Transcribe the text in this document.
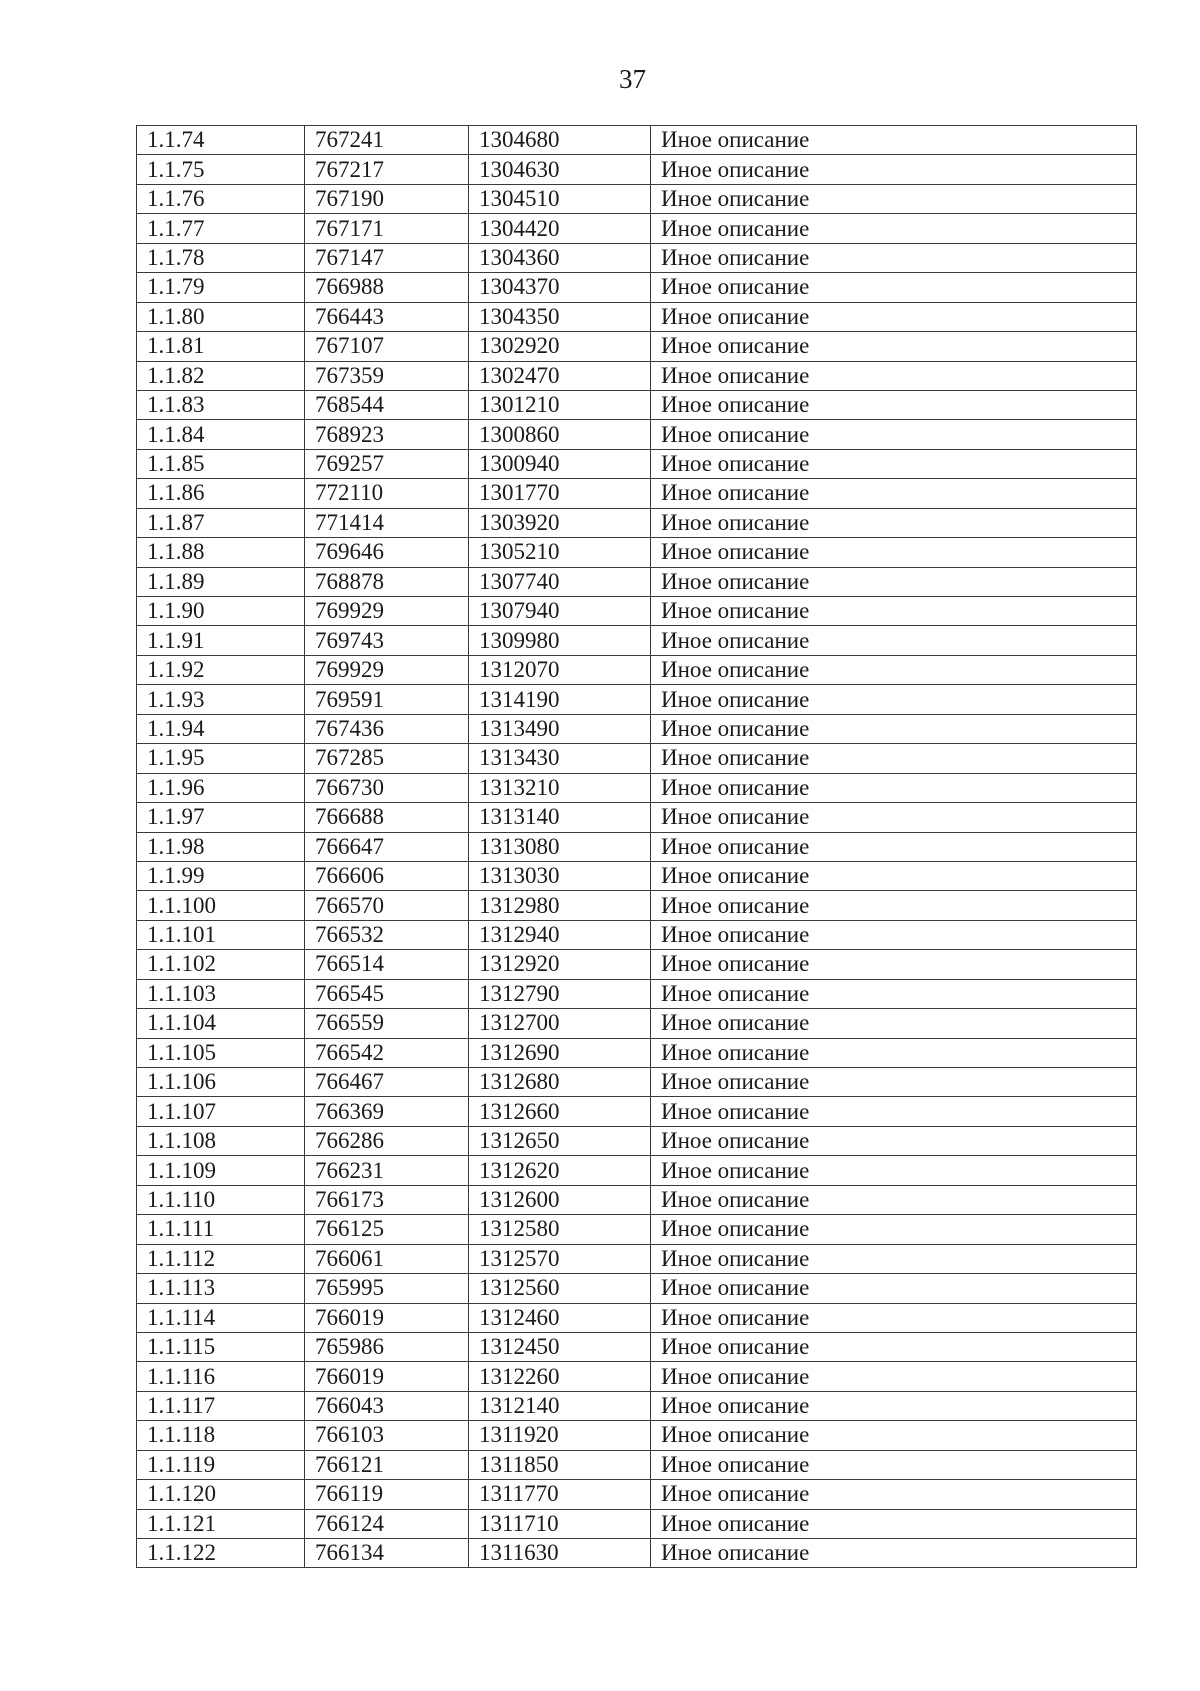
37
1.1.74	767241	1304680	Иное описание
1.1.75	767217	1304630	Иное описание
1.1.76	767190	1304510	Иное описание
1.1.77	767171	1304420	Иное описание
1.1.78	767147	1304360	Иное описание
1.1.79	766988	1304370	Иное описание
1.1.80	766443	1304350	Иное описание
1.1.81	767107	1302920	Иное описание
1.1.82	767359	1302470	Иное описание
1.1.83	768544	1301210	Иное описание
1.1.84	768923	1300860	Иное описание
1.1.85	769257	1300940	Иное описание
1.1.86	772110	1301770	Иное описание
1.1.87	771414	1303920	Иное описание
1.1.88	769646	1305210	Иное описание
1.1.89	768878	1307740	Иное описание
1.1.90	769929	1307940	Иное описание
1.1.91	769743	1309980	Иное описание
1.1.92	769929	1312070	Иное описание
1.1.93	769591	1314190	Иное описание
1.1.94	767436	1313490	Иное описание
1.1.95	767285	1313430	Иное описание
1.1.96	766730	1313210	Иное описание
1.1.97	766688	1313140	Иное описание
1.1.98	766647	1313080	Иное описание
1.1.99	766606	1313030	Иное описание
1.1.100	766570	1312980	Иное описание
1.1.101	766532	1312940	Иное описание
1.1.102	766514	1312920	Иное описание
1.1.103	766545	1312790	Иное описание
1.1.104	766559	1312700	Иное описание
1.1.105	766542	1312690	Иное описание
1.1.106	766467	1312680	Иное описание
1.1.107	766369	1312660	Иное описание
1.1.108	766286	1312650	Иное описание
1.1.109	766231	1312620	Иное описание
1.1.110	766173	1312600	Иное описание
1.1.111	766125	1312580	Иное описание
1.1.112	766061	1312570	Иное описание
1.1.113	765995	1312560	Иное описание
1.1.114	766019	1312460	Иное описание
1.1.115	765986	1312450	Иное описание
1.1.116	766019	1312260	Иное описание
1.1.117	766043	1312140	Иное описание
1.1.118	766103	1311920	Иное описание
1.1.119	766121	1311850	Иное описание
1.1.120	766119	1311770	Иное описание
1.1.121	766124	1311710	Иное описание
1.1.122	766134	1311630	Иное описание
